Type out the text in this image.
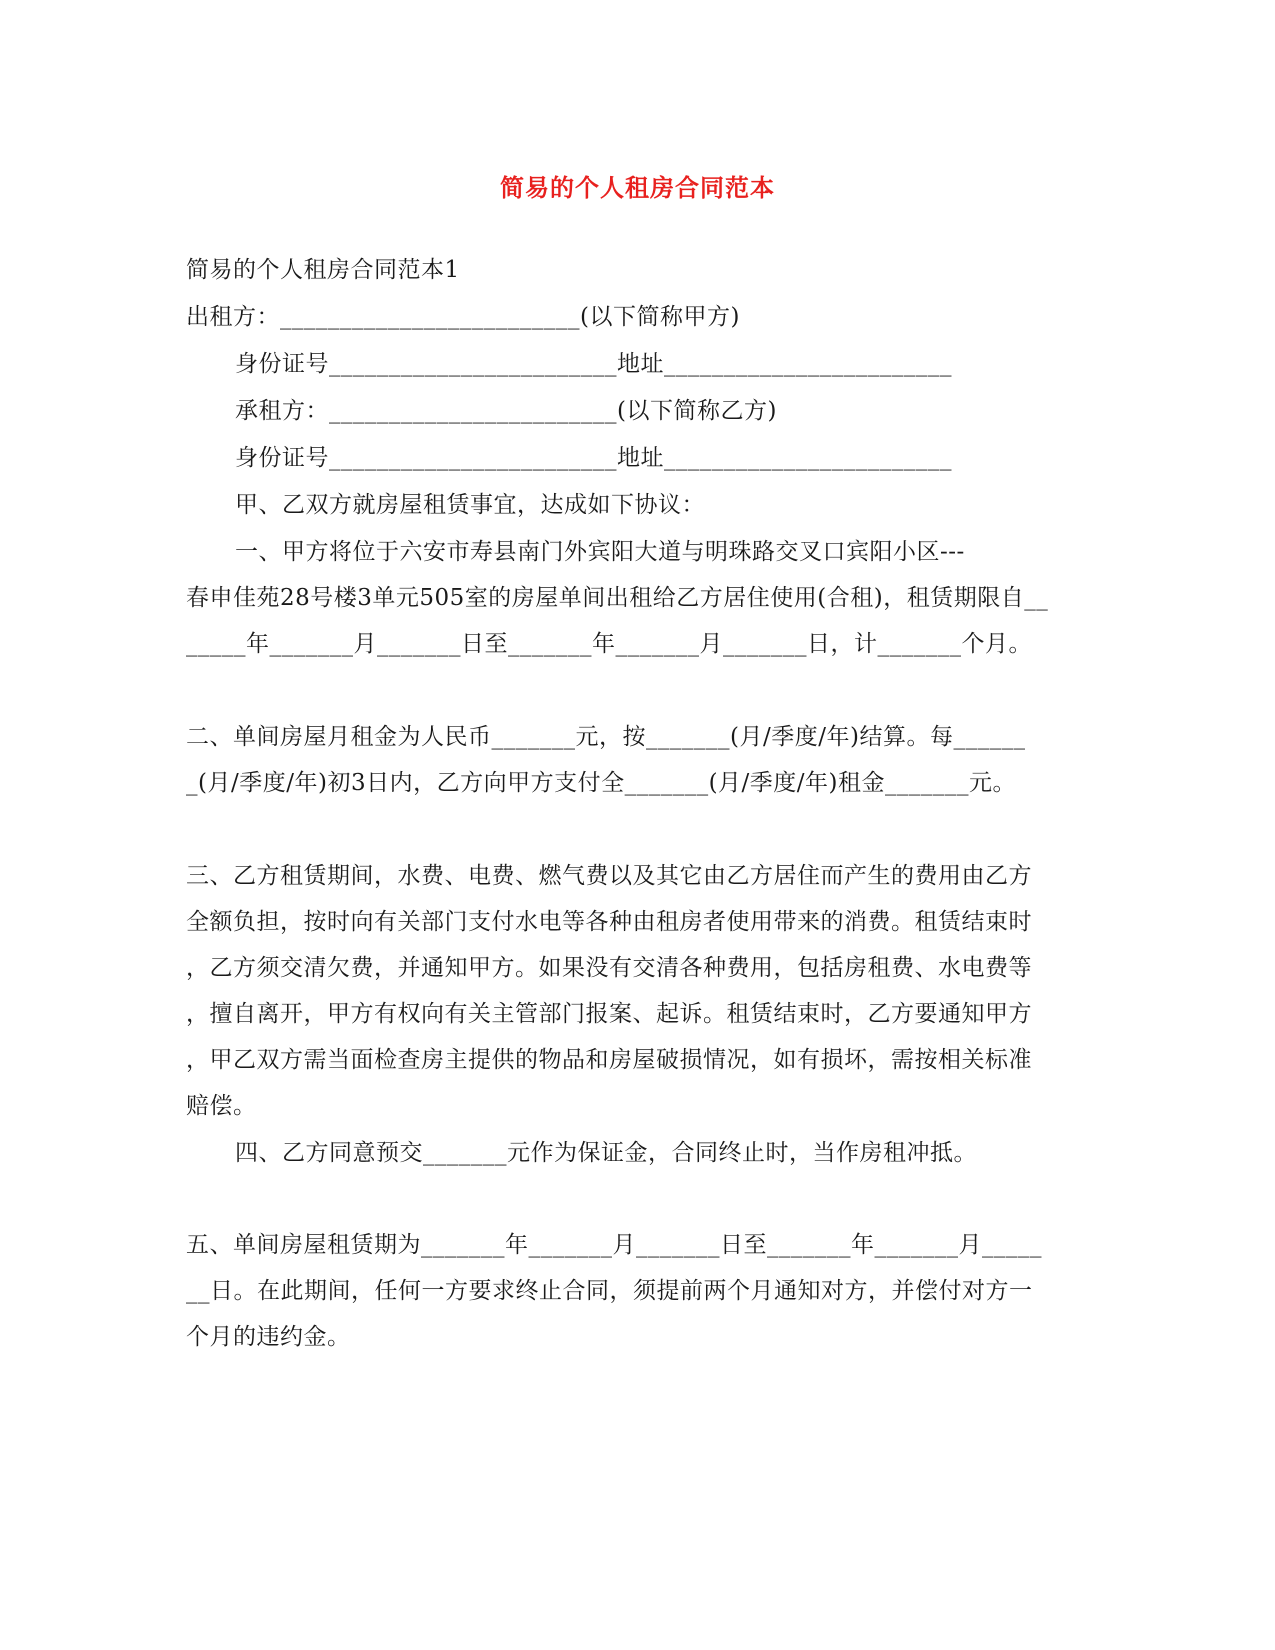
简易的个人租房合同范本
简易的个人租房合同范本1
出租方：_________________________(以下简称甲方)
身份证号________________________地址________________________
承租方：________________________(以下简称乙方)
身份证号________________________地址________________________
甲、乙双方就房屋租赁事宜，达成如下协议：
一、甲方将位于六安市寿县南门外宾阳大道与明珠路交叉口宾阳小区---
春申佳苑28号楼3单元505室的房屋单间出租给乙方居住使用(合租)，租赁期限自__
_____年_______月_______日至_______年_______月_______日，计_______个月。
二、单间房屋月租金为人民币_______元，按_______(月/季度/年)结算。每______
_(月/季度/年)初3日内，乙方向甲方支付全_______(月/季度/年)租金_______元。
三、乙方租赁期间，水费、电费、燃气费以及其它由乙方居住而产生的费用由乙方
全额负担，按时向有关部门支付水电等各种由租房者使用带来的消费。租赁结束时
，乙方须交清欠费，并通知甲方。如果没有交清各种费用，包括房租费、水电费等
，擅自离开，甲方有权向有关主管部门报案、起诉。租赁结束时，乙方要通知甲方
，甲乙双方需当面检查房主提供的物品和房屋破损情况，如有损坏，需按相关标准
赔偿。
四、乙方同意预交_______元作为保证金，合同终止时，当作房租冲抵。
五、单间房屋租赁期为_______年_______月_______日至_______年_______月_____
__日。在此期间，任何一方要求终止合同，须提前两个月通知对方，并偿付对方一
个月的违约金。
